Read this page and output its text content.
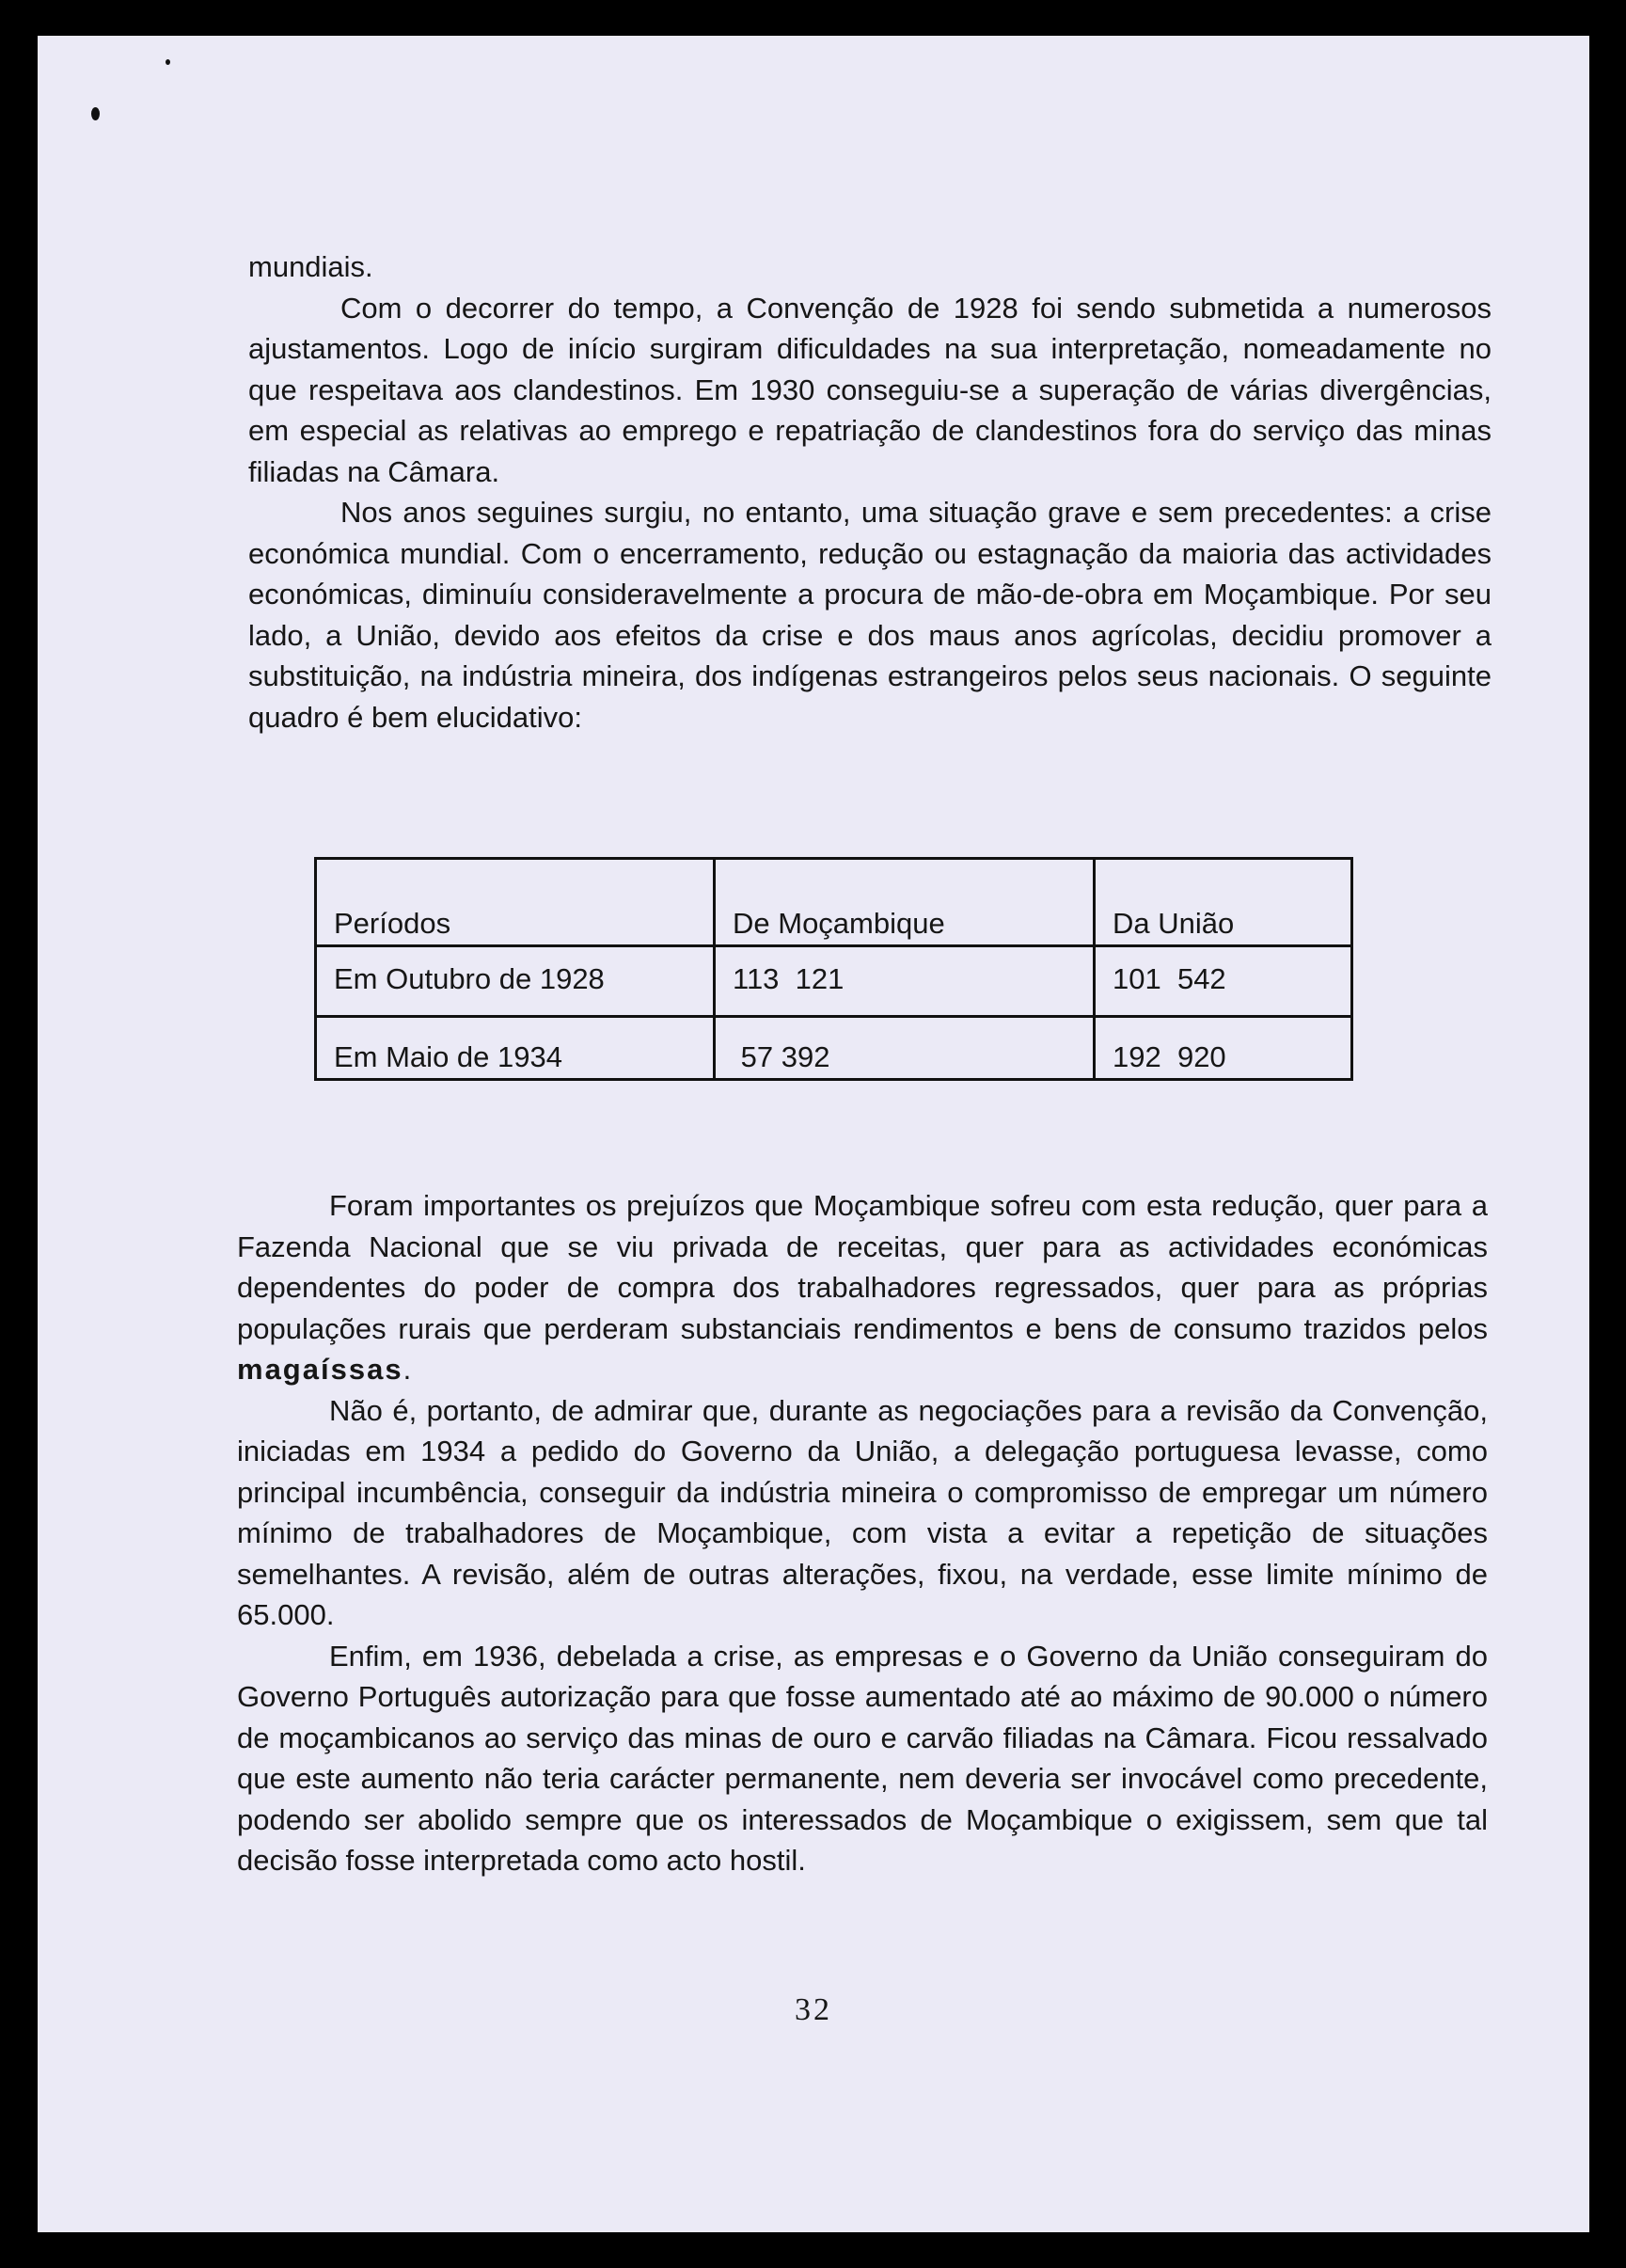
mundiais.

Com o decorrer do tempo, a Convenção de 1928 foi sendo submetida a numerosos ajustamentos. Logo de início surgiram dificuldades na sua interpretação, nomeadamente no que respeitava aos clandestinos. Em 1930 conseguiu-se a superação de várias divergências, em especial as relativas ao emprego e repatriação de clandestinos fora do serviço das minas filiadas na Câmara.

Nos anos seguines surgiu, no entanto, uma situação grave e sem precedentes: a crise económica mundial. Com o encerramento, redução ou estagnação da maioria das actividades económicas, diminuíu consideravelmente a procura de mão-de-obra em Moçambique. Por seu lado, a União, devido aos efeitos da crise e dos maus anos agrícolas, decidiu promover a substituição, na indústria mineira, dos indígenas estrangeiros pelos seus nacionais. O seguinte quadro é bem elucidativo:

Períodos	De Moçambique	Da União
Em Outubro de 1928	113  121	101  542
Em Maio de 1934	57 392	192  920

Foram importantes os prejuízos que Moçambique sofreu com esta redução, quer para a Fazenda Nacional que se viu privada de receitas, quer para as actividades económicas dependentes do poder de compra dos trabalhadores regressados, quer para as próprias populações rurais que perderam substanciais rendimentos e bens de consumo trazidos pelos magaíssas.

Não é, portanto, de admirar que, durante as negociações para a revisão da Convenção, iniciadas em 1934 a pedido do Governo da União, a delegação portuguesa levasse, como principal incumbência, conseguir da indústria mineira o compromisso de empregar um número mínimo de trabalhadores de Moçambique, com vista a evitar a repetição de situações semelhantes. A revisão, além de outras alterações, fixou, na verdade, esse limite mínimo de 65.000.

Enfim, em 1936, debelada a crise, as empresas e o Governo da União conseguiram do Governo Português autorização para que fosse aumentado até ao máximo de 90.000 o número de moçambicanos ao serviço das minas de ouro e carvão filiadas na Câmara. Ficou ressalvado que este aumento não teria carácter permanente, nem deveria ser invocável como precedente, podendo ser abolido sempre que os interessados de Moçambique o exigissem, sem que tal decisão fosse interpretada como acto hostil.

32
